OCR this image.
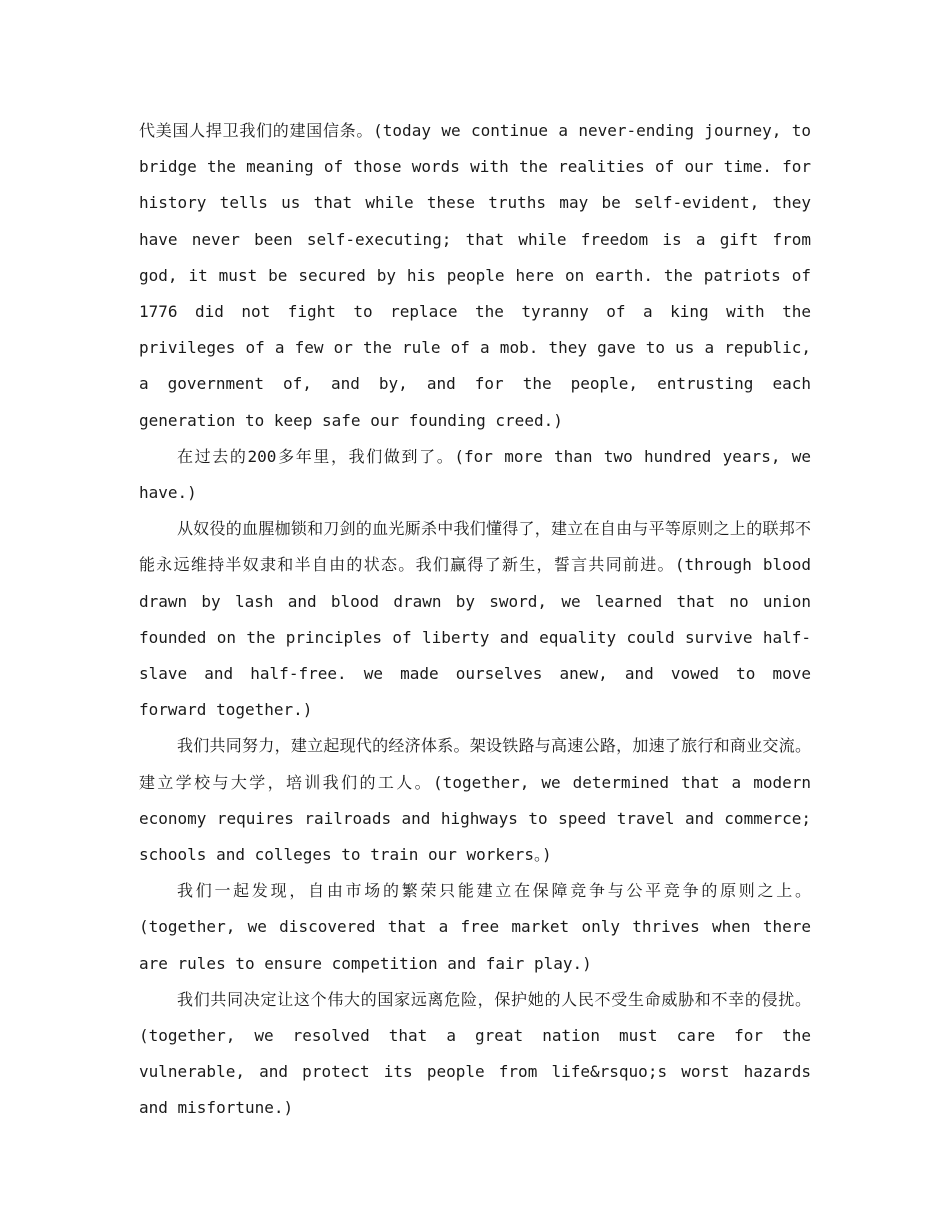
代美国人捍卫我们的建国信条。(today we continue a never-ending journey, to bridge the meaning of those words with the realities of our time. for history tells us that while these truths may be self-evident, they have never been self-executing; that while freedom is a gift from god, it must be secured by his people here on earth. the patriots of 1776 did not fight to replace the tyranny of a king with the privileges of a few or the rule of a mob. they gave to us a republic, a government of, and by, and for the people, entrusting each generation to keep safe our founding creed.)

在过去的200多年里，我们做到了。(for more than two hundred years, we have.)

从奴役的血腥枷锁和刀剑的血光厮杀中我们懂得了，建立在自由与平等原则之上的联邦不能永远维持半奴隶和半自由的状态。我们赢得了新生，誓言共同前进。(through blood drawn by lash and blood drawn by sword, we learned that no union founded on the principles of liberty and equality could survive half-slave and half-free. we made ourselves anew, and vowed to move forward together.)

我们共同努力，建立起现代的经济体系。架设铁路与高速公路，加速了旅行和商业交流。建立学校与大学，培训我们的工人。(together, we determined that a modern economy requires railroads and highways to speed travel and commerce; schools and colleges to train our workers。)

我们一起发现，自由市场的繁荣只能建立在保障竞争与公平竞争的原则之上。(together, we discovered that a free market only thrives when there are rules to ensure competition and fair play.)

我们共同决定让这个伟大的国家远离危险，保护她的人民不受生命威胁和不幸的侵扰。(together, we resolved that a great nation must care for the vulnerable, and protect its people from life&rsquo;s worst hazards and misfortune.)
